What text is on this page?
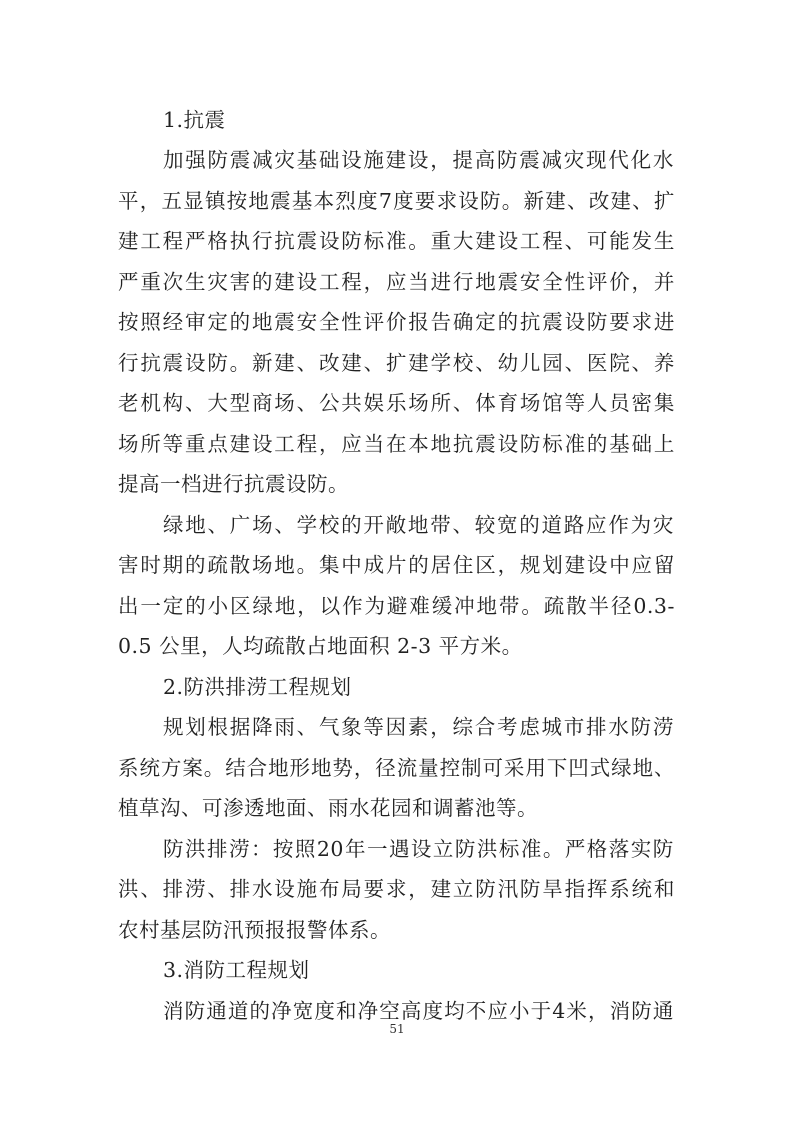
1.抗震
加 强 防 震 减 灾 基 础 设 施 建 设 ， 提 高 防 震 减 灾 现 代 化 水
平 ， 五 显 镇 按 地 震 基 本 烈 度 7 度 要 求 设 防 。 新 建 、 改 建 、 扩
建 工 程 严 格 执 行 抗 震 设 防 标 准 。 重 大 建 设 工 程 、 可 能 发 生
严 重 次 生 灾 害 的 建 设 工 程 ， 应 当 进 行 地 震 安 全 性 评 价 ， 并
按 照 经 审 定 的 地 震 安 全 性 评 价 报 告 确 定 的 抗 震 设 防 要 求 进
行 抗 震 设 防 。 新 建 、 改 建 、 扩 建 学 校 、 幼 儿 园 、 医 院 、 养
老 机 构 、 大 型 商 场 、 公 共 娱 乐 场 所 、 体 育 场 馆 等 人 员 密 集
场 所 等 重 点 建 设 工 程 ， 应 当 在 本 地 抗 震 设 防 标 准 的 基 础 上
提高一档进行抗震设防。
绿 地 、 广 场 、 学 校 的 开 敞 地 带 、 较 宽 的 道 路 应 作 为 灾
害 时 期 的 疏 散 场 地 。 集 中 成 片 的 居 住 区 ， 规 划 建 设 中 应 留
出 一 定 的 小 区 绿 地 ， 以 作 为 避 难 缓 冲 地 带 。 疏 散 半 径 0.3-
0.5 公里，人均疏散占地面积 2-3 平方米。
2.防洪排涝工程规划
规 划 根 据 降 雨 、 气 象 等 因 素 ， 综 合 考 虑 城 市 排 水 防 涝
系 统 方 案 。 结 合 地 形 地 势 ， 径 流 量 控 制 可 采 用 下 凹 式 绿 地 、
植草沟、可渗透地面、雨水花园和调蓄池等。
防 洪 排 涝 ： 按 照 20 年 一 遇 设 立 防 洪 标 准 。 严 格 落 实 防
洪 、 排 涝 、 排 水 设 施 布 局 要 求 ， 建 立 防 汛 防 旱 指 挥 系 统 和
农村基层防汛预报报警体系。
3.消防工程规划
消 防 通 道 的 净 宽 度 和 净 空 高 度 均 不 应 小 于 4 米 ， 消 防 通
51
